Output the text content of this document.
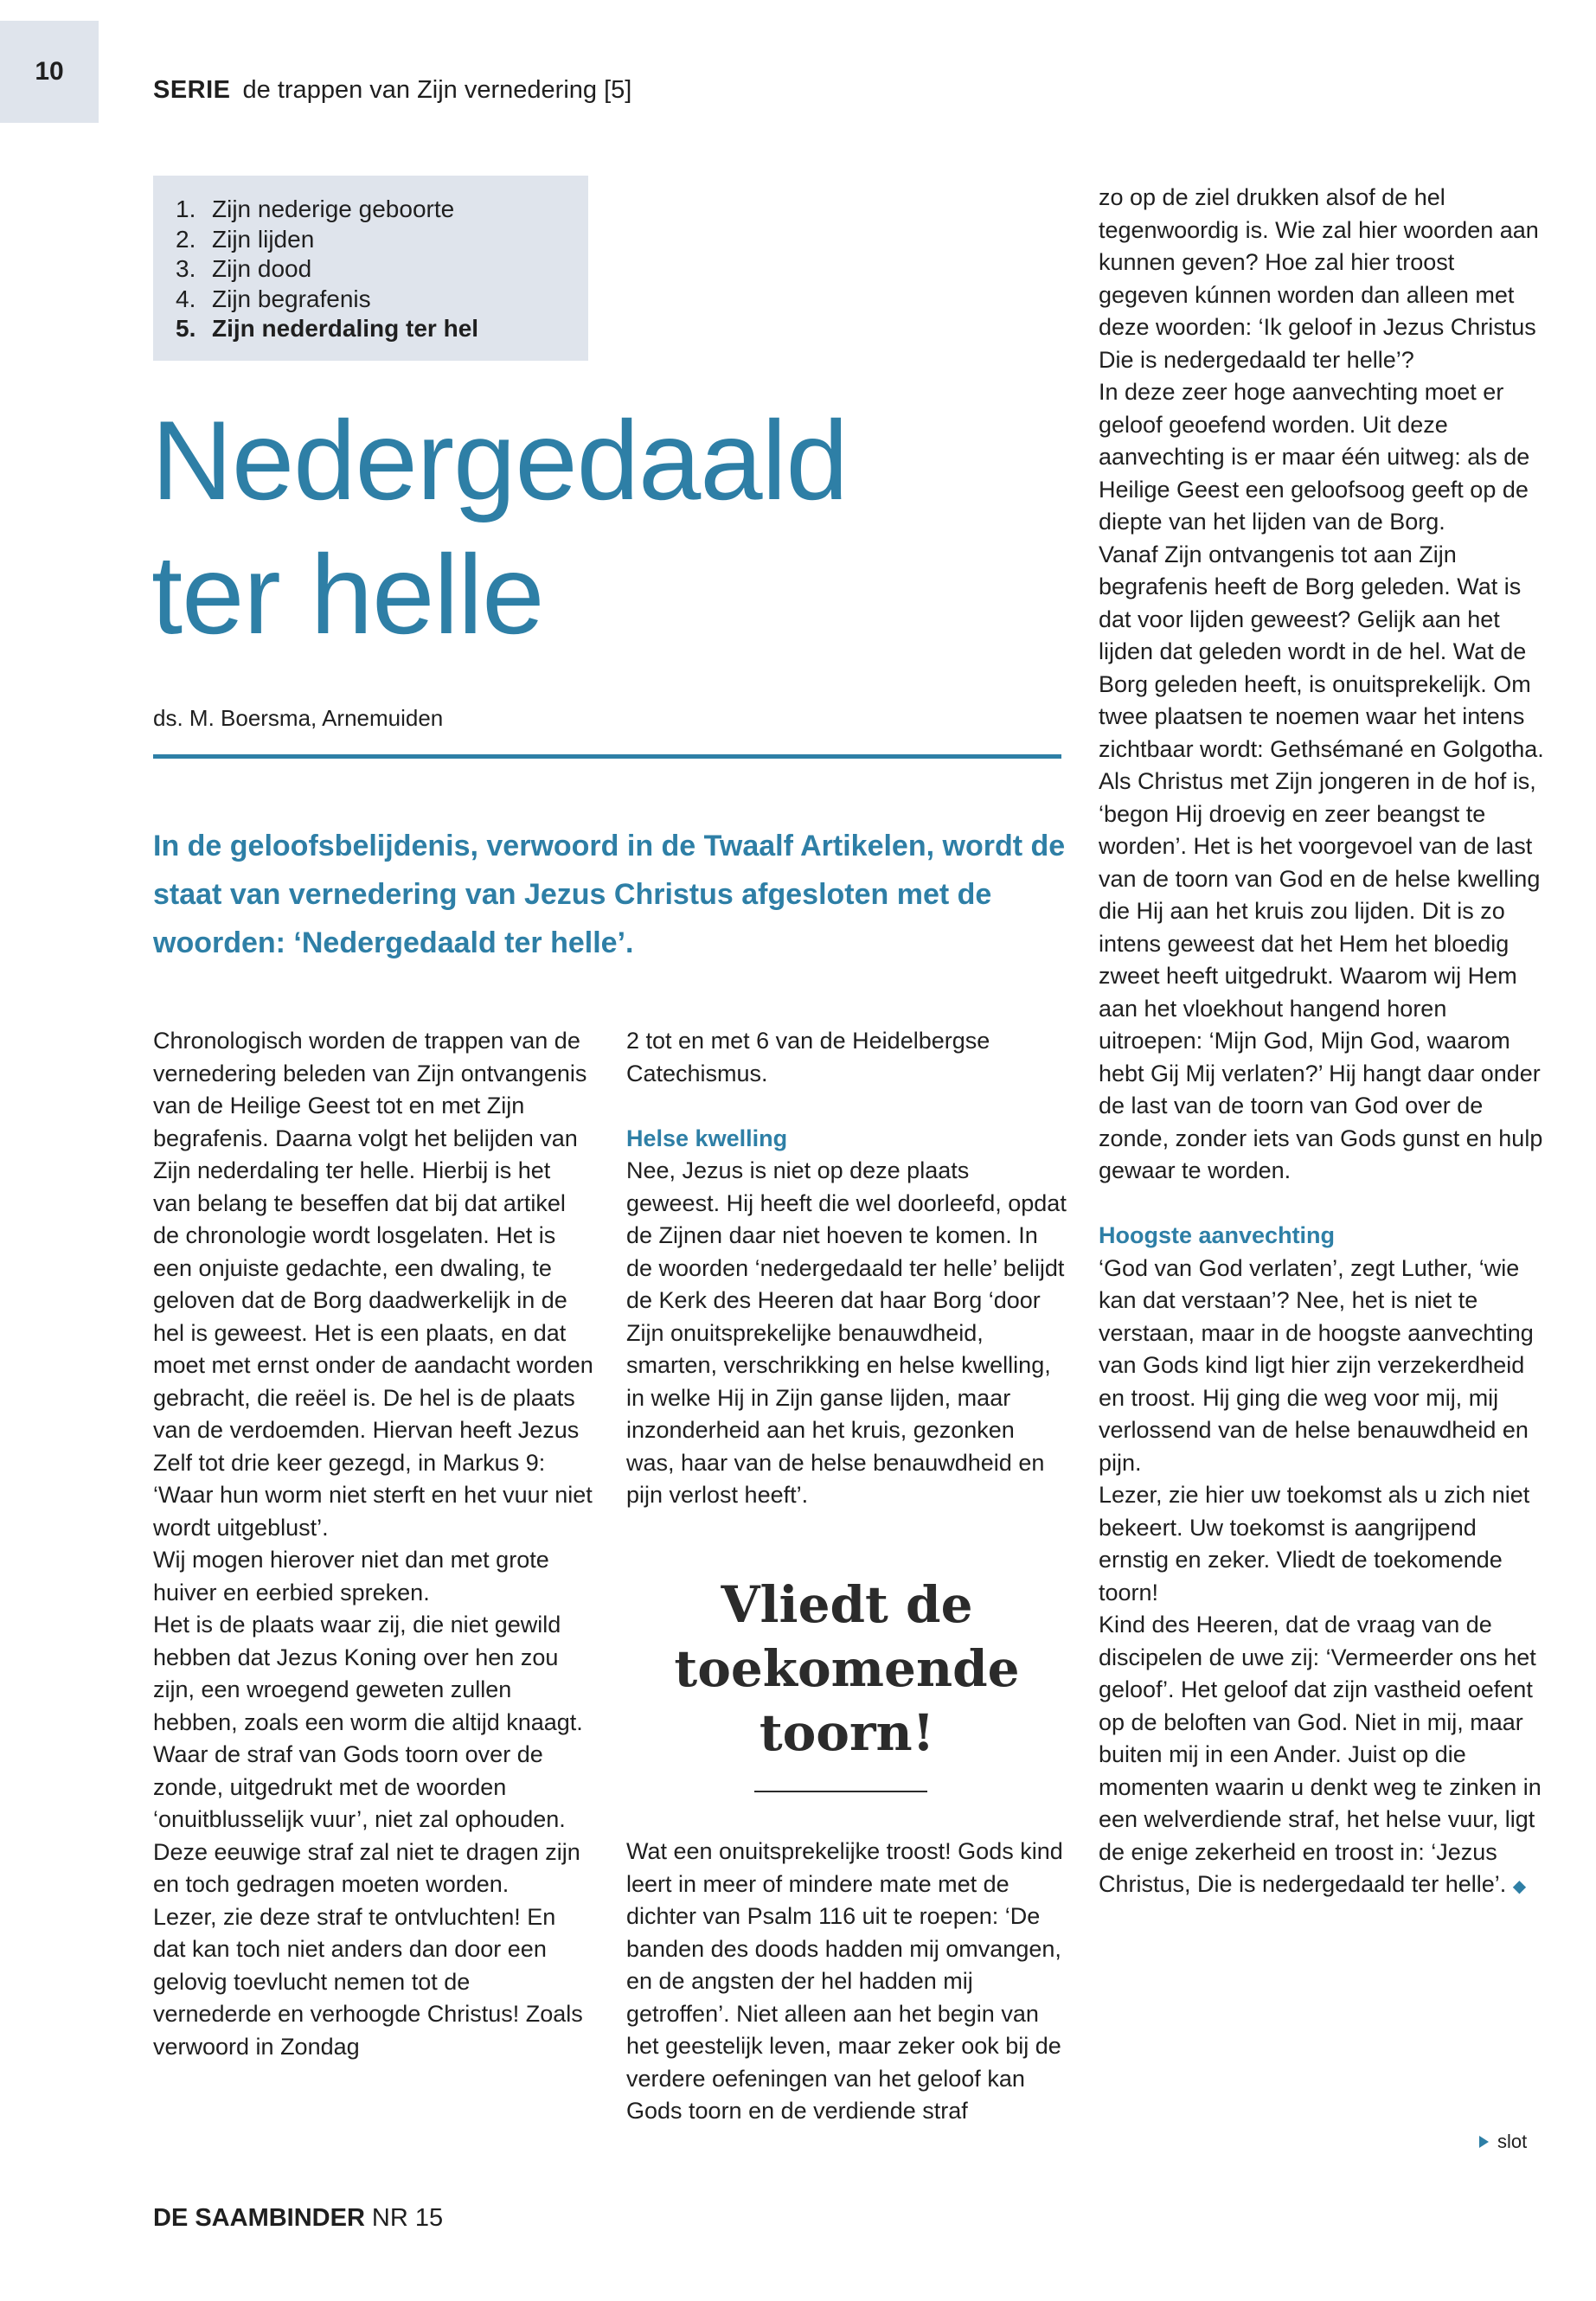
10
SERIE de trappen van Zijn vernedering [5]
1. Zijn nederige geboorte
2. Zijn lijden
3. Zijn dood
4. Zijn begrafenis
5. Zijn nederdaling ter hel
Nedergedaald
ter helle
ds. M. Boersma, Arnemuiden

In de geloofsbelijdenis, verwoord in de Twaalf Artikelen, wordt de staat van vernedering van Jezus Christus afgesloten met de woorden: ‘Nedergedaald ter helle’.

Chronologisch worden de trappen van de vernedering beleden van Zijn ontvangenis van de Heilige Geest tot en met Zijn begrafenis. Daarna volgt het belijden van Zijn nederdaling ter helle. Hierbij is het van belang te beseffen dat bij dat artikel de chronologie wordt losgelaten. Het is een onjuiste gedachte, een dwaling, te geloven dat de Borg daadwerkelijk in de hel is geweest. Het is een plaats, en dat moet met ernst onder de aandacht worden gebracht, die reëel is. De hel is de plaats van de verdoemden. Hiervan heeft Jezus Zelf tot drie keer gezegd, in Markus 9: ‘Waar hun worm niet sterft en het vuur niet wordt uitgeblust’.

Wij mogen hierover niet dan met grote huiver en eerbied spreken.

Het is de plaats waar zij, die niet gewild hebben dat Jezus Koning over hen zou zijn, een wroegend geweten zullen hebben, zoals een worm die altijd knaagt. Waar de straf van Gods toorn over de zonde, uitgedrukt met de woorden ‘onuitblusselijk vuur’, niet zal ophouden. Deze eeuwige straf zal niet te dragen zijn en toch gedragen moeten worden.

Lezer, zie deze straf te ontvluchten! En dat kan toch niet anders dan door een gelovig toevlucht nemen tot de vernederde en verhoogde Christus! Zoals verwoord in Zondag

2 tot en met 6 van de Heidelbergse Catechismus.

Helse kwelling

Nee, Jezus is niet op deze plaats geweest. Hij heeft die wel doorleefd, opdat de Zijnen daar niet hoeven te komen. In de woorden ‘nedergedaald ter helle’ belijdt de Kerk des Heeren dat haar Borg ‘door Zijn onuitsprekelijke benauwdheid, smarten, verschrikking en helse kwelling, in welke Hij in Zijn ganse lijden, maar inzonderheid aan het kruis, gezonken was, haar van de helse benauwdheid en pijn verlost heeft’.

Vliedt de toekomende toorn!

Wat een onuitsprekelijke troost! Gods kind leert in meer of mindere mate met de dichter van Psalm 116 uit te roepen: ‘De banden des doods hadden mij omvangen, en de angsten der hel hadden mij getroffen’. Niet alleen aan het begin van het geestelijk leven, maar zeker ook bij de verdere oefeningen van het geloof kan Gods toorn en de verdiende straf

zo op de ziel drukken alsof de hel tegenwoordig is. Wie zal hier woorden aan kunnen geven? Hoe zal hier troost gegeven kúnnen worden dan alleen met deze woorden: ‘Ik geloof in Jezus Christus Die is nedergedaald ter helle’?

In deze zeer hoge aanvechting moet er geloof geoefend worden. Uit deze aanvechting is er maar één uitweg: als de Heilige Geest een geloofsoog geeft op de diepte van het lijden van de Borg.

Vanaf Zijn ontvangenis tot aan Zijn begrafenis heeft de Borg geleden. Wat is dat voor lijden geweest? Gelijk aan het lijden dat geleden wordt in de hel. Wat de Borg geleden heeft, is onuitsprekelijk. Om twee plaatsen te noemen waar het intens zichtbaar wordt: Gethsémané en Golgotha.

Als Christus met Zijn jongeren in de hof is, ‘begon Hij droevig en zeer beangst te worden’. Het is het voorgevoel van de last van de toorn van God en de helse kwelling die Hij aan het kruis zou lijden. Dit is zo intens geweest dat het Hem het bloedig zweet heeft uitgedrukt. Waarom wij Hem aan het vloekhout hangend horen uitroepen: ‘Mijn God, Mijn God, waarom hebt Gij Mij verlaten?’ Hij hangt daar onder de last van de toorn van God over de zonde, zonder iets van Gods gunst en hulp gewaar te worden.

Hoogste aanvechting

‘God van God verlaten’, zegt Luther, ‘wie kan dat verstaan’? Nee, het is niet te verstaan, maar in de hoogste aanvechting van Gods kind ligt hier zijn verzekerdheid en troost. Hij ging die weg voor mij, mij verlossend van de helse benauwdheid en pijn.

Lezer, zie hier uw toekomst als u zich niet bekeert. Uw toekomst is aangrijpend ernstig en zeker. Vliedt de toekomende toorn!

Kind des Heeren, dat de vraag van de discipelen de uwe zij: ‘Vermeerder ons het geloof’. Het geloof dat zijn vastheid oefent op de beloften van God. Niet in mij, maar buiten mij in een Ander. Juist op die momenten waarin u denkt weg te zinken in een welverdiende straf, het helse vuur, ligt de enige zekerheid en troost in: ‘Jezus Christus, Die is nedergedaald ter helle’. ◆

slot
DE SAAMBINDER NR 15
